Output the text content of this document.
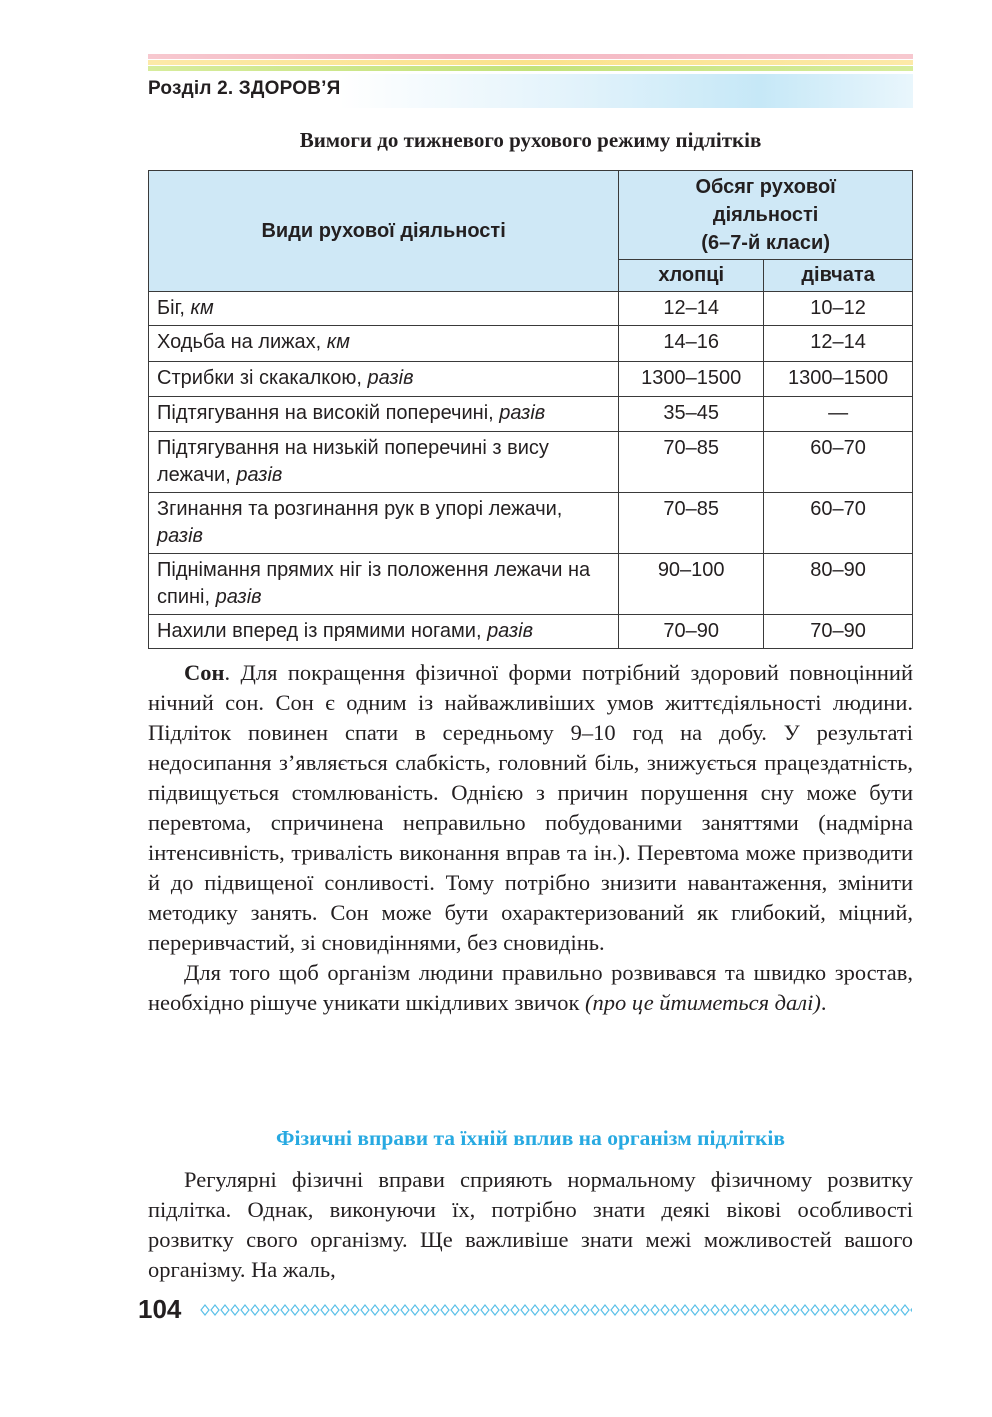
Розділ 2. ЗДОРОВ’Я
Вимоги до тижневого рухового режиму підлітків
Види рухової діяльності	Обсяг рухової
діяльності
(6–7-й класи)	
	хлопці	дівчата
Біг, км	12–14	10–12
Ходьба на лижах, км	14–16	12–14
Стрибки зі скакалкою, разів	1300–1500	1300–1500
Підтягування на високій поперечині, разів	35–45	—
Підтягування на низькій поперечині з вису лежачи, разів	70–85	60–70
Згинання та розгинання рук в упорі лежачи, разів	70–85	60–70
Піднімання прямих ніг із положення лежачи на спині, разів	90–100	80–90
Нахили вперед із прямими ногами, разів	70–90	70–90

Сон. Для покращення фізичної форми потрібний здоровий повноцінний нічний сон. Сон є одним із найважливіших умов життєдіяльності людини. Підліток повинен спати в середньому 9–10 год на добу. У результаті недосипання з’являється слабкість, головний біль, знижується працездатність, підвищується стомлюваність. Однією з причин порушення сну може бути перевтома, спричинена неправильно побудованими заняттями (надмірна інтенсивність, тривалість виконання вправ та ін.). Перевтома може призводити й до підвищеної сонливості. Тому потрібно знизити навантаження, змінити методику занять. Сон може бути охарактеризований як глибокий, міцний, переривчастий, зі сновидіннями, без сновидінь.

Для того щоб організм людини правильно розвивався та швидко зростав, необхідно рішуче уникати шкідливих звичок (про це йтиметься далі).

Фізичні вправи та їхній вплив на організм підлітків

Регулярні фізичні вправи сприяють нормальному фізичному розвитку підлітка. Однак, виконуючи їх, потрібно знати деякі вікові особливості розвитку свого організму. Ще важливіше знати межі можливостей вашого організму. На жаль,

104
